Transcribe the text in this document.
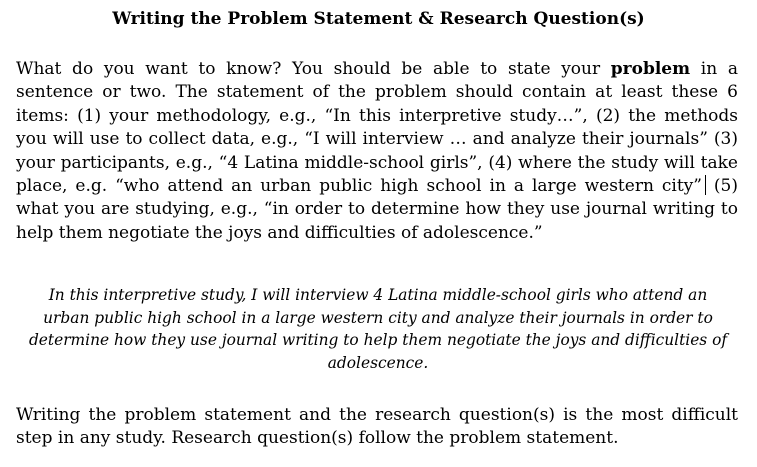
Writing the Problem Statement & Research Question(s)

What do you want to know? You should be able to state your problem in a sentence or two. The statement of the problem should contain at least these 6 items: (1) your methodology, e.g., “In this interpretive study…”, (2) the methods you will use to collect data, e.g., “I will interview … and analyze their journals” (3) your participants, e.g., “4 Latina middle-school girls”, (4) where the study will take place, e.g. “who attend an urban public high school in a large western city” (5) what you are studying, e.g., “in order to determine how they use journal writing to help them negotiate the joys and difficulties of adolescence.”

In this interpretive study, I will interview 4 Latina middle-school girls who attend an urban public high school in a large western city and analyze their journals in order to determine how they use journal writing to help them negotiate the joys and difficulties of adolescence.

Writing the problem statement and the research question(s) is the most difficult step in any study. Research question(s) follow the problem statement.
